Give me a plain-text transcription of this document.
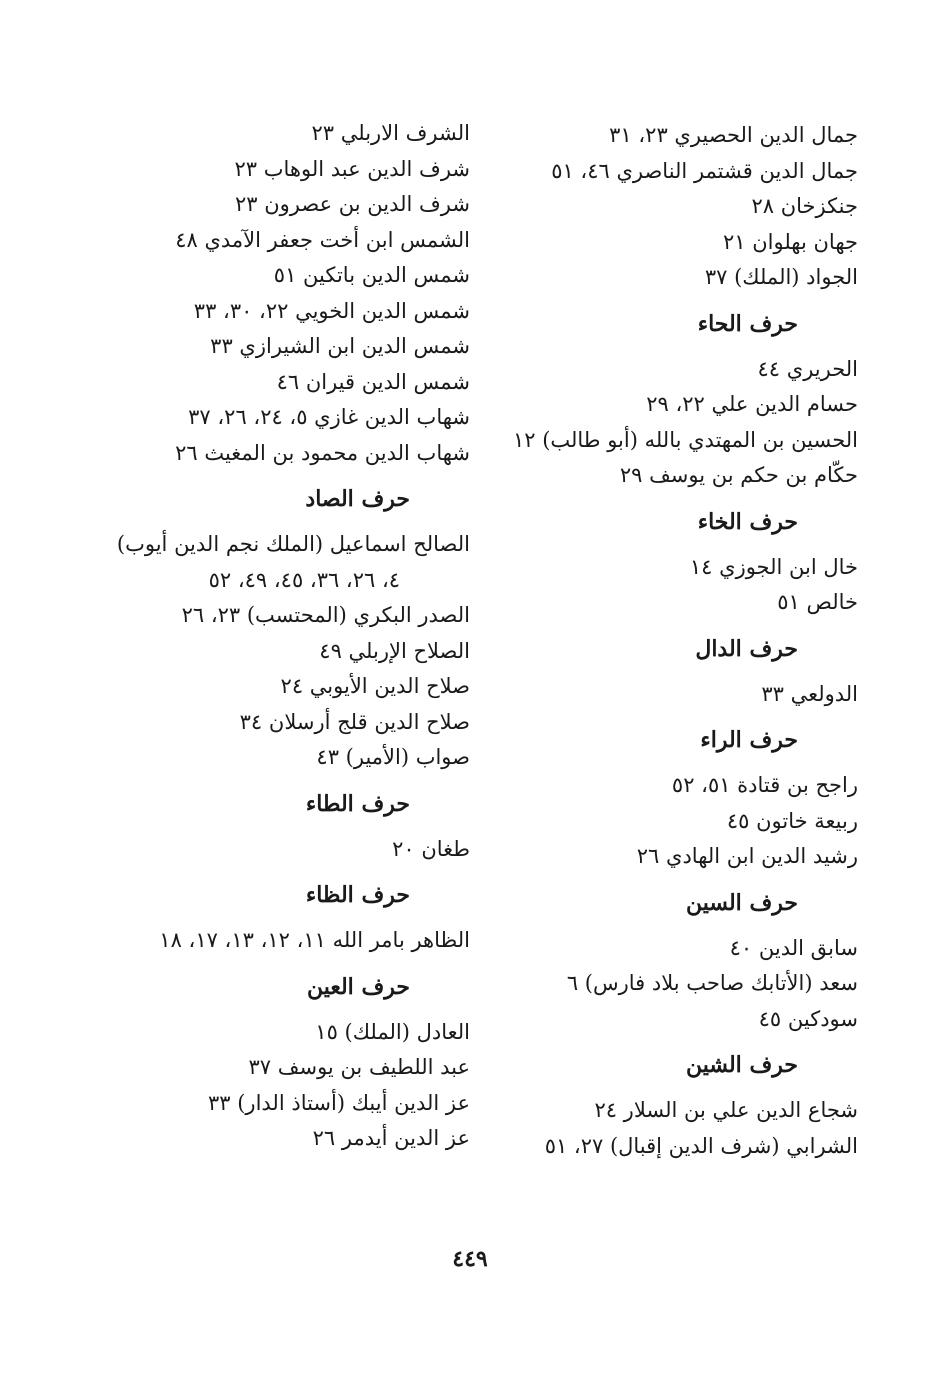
جمال الدين الحصيري ٢٣، ٣١
جمال الدين قشتمر الناصري ٤٦، ٥١
جنكزخان ٢٨
جهان بهلوان ٢١
الجواد (الملك) ٣٧
حرف الحاء
الحريري ٤٤
حسام الدين علي ٢٢، ٢٩
الحسين بن المهتدي بالله (أبو طالب) ١٢
حكّام بن حكم بن يوسف ٢٩
حرف الخاء
خال ابن الجوزي ١٤
خالص ٥١
حرف الدال
الدولعي ٣٣
حرف الراء
راجح بن قتادة ٥١، ٥٢
ربيعة خاتون ٤٥
رشيد الدين ابن الهادي ٢٦
حرف السين
سابق الدين ٤٠
سعد (الأتابك صاحب بلاد فارس) ٦
سودكين ٤٥
حرف الشين
شجاع الدين علي بن السلار ٢٤
الشرابي (شرف الدين إقبال) ٢٧، ٥١
الشرف الاربلي ٢٣
شرف الدين عبد الوهاب ٢٣
شرف الدين بن عصرون ٢٣
الشمس ابن أخت جعفر الآمدي ٤٨
شمس الدين باتكين ٥١
شمس الدين الخويي ٢٢، ٣٠، ٣٣
شمس الدين ابن الشيرازي ٣٣
شمس الدين قيران ٤٦
شهاب الدين غازي ٥، ٢٤، ٢٦، ٣٧
شهاب الدين محمود بن المغيث ٢٦
حرف الصاد
الصالح اسماعيل (الملك نجم الدين أيوب)
٤، ٢٦، ٣٦، ٤٥، ٤٩، ٥٢
الصدر البكري (المحتسب) ٢٣، ٢٦
الصلاح الإربلي ٤٩
صلاح الدين الأيوبي ٢٤
صلاح الدين قلج أرسلان ٣٤
صواب (الأمير) ٤٣
حرف الطاء
طغان ٢٠
حرف الظاء
الظاهر بامر الله ١١، ١٢، ١٣، ١٧، ١٨
حرف العين
العادل (الملك) ١٥
عبد اللطيف بن يوسف ٣٧
عز الدين أيبك (أستاذ الدار) ٣٣
عز الدين أيدمر ٢٦
٤٤٩
